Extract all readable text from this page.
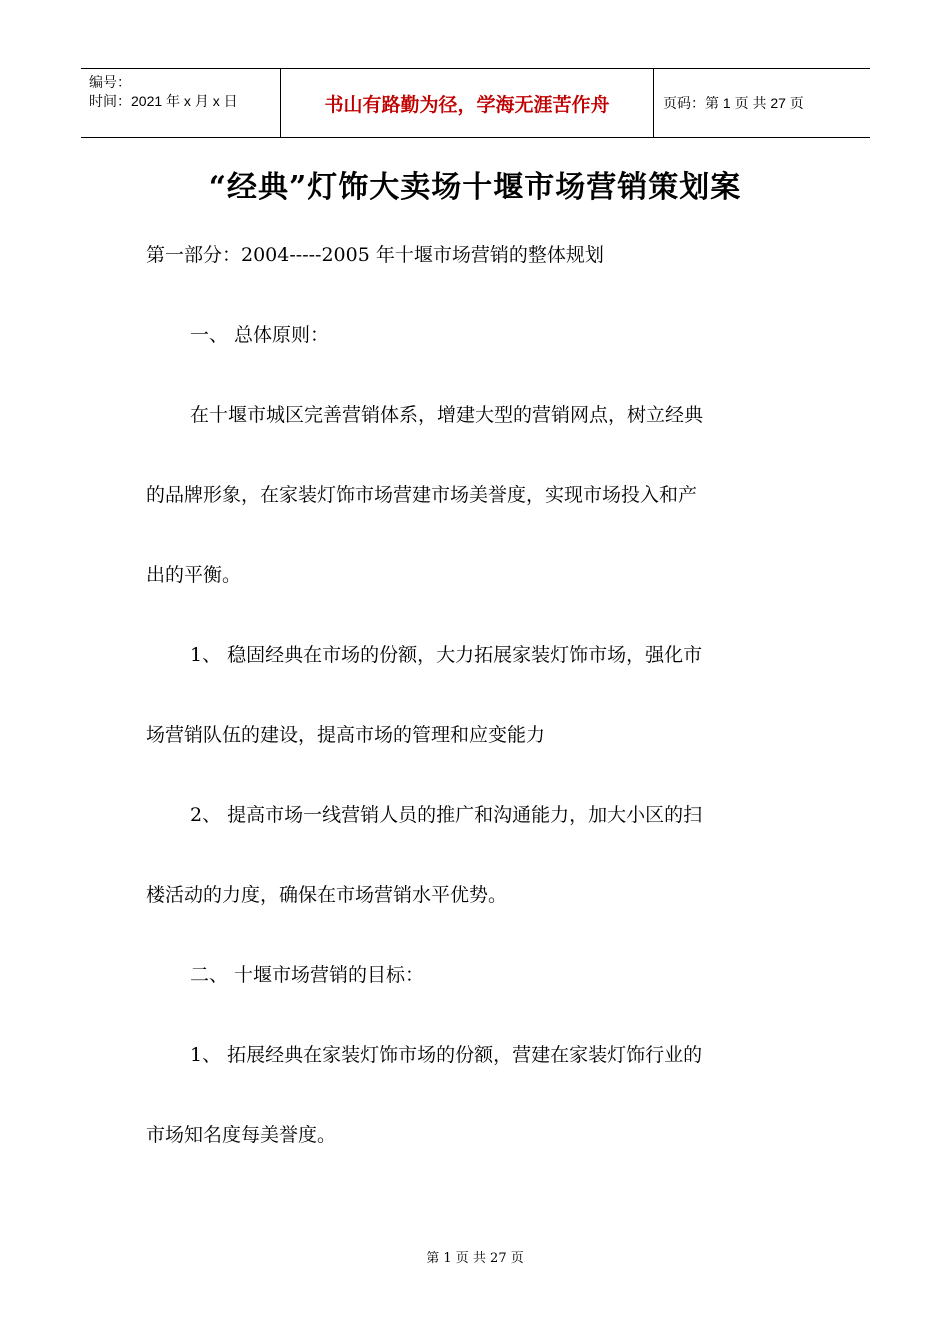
编号：
时间：2021 年 x 月 x 日	书山有路勤为径，学海无涯苦作舟	页码：第 1 页 共 27 页
“经典”灯饰大卖场十堰市场营销策划案
第一部分：2004-----2005 年十堰市场营销的整体规划
一、 总体原则：
在十堰市城区完善营销体系，增建大型的营销网点，树立经典
的品牌形象，在家装灯饰市场营建市场美誉度，实现市场投入和产
出的平衡。
1、 稳固经典在市场的份额，大力拓展家装灯饰市场，强化市
场营销队伍的建设，提高市场的管理和应变能力
2、 提高市场一线营销人员的推广和沟通能力，加大小区的扫
楼活动的力度，确保在市场营销水平优势。
二、 十堰市场营销的目标：
1、 拓展经典在家装灯饰市场的份额，营建在家装灯饰行业的
市场知名度每美誉度。
第 1 页 共 27 页
